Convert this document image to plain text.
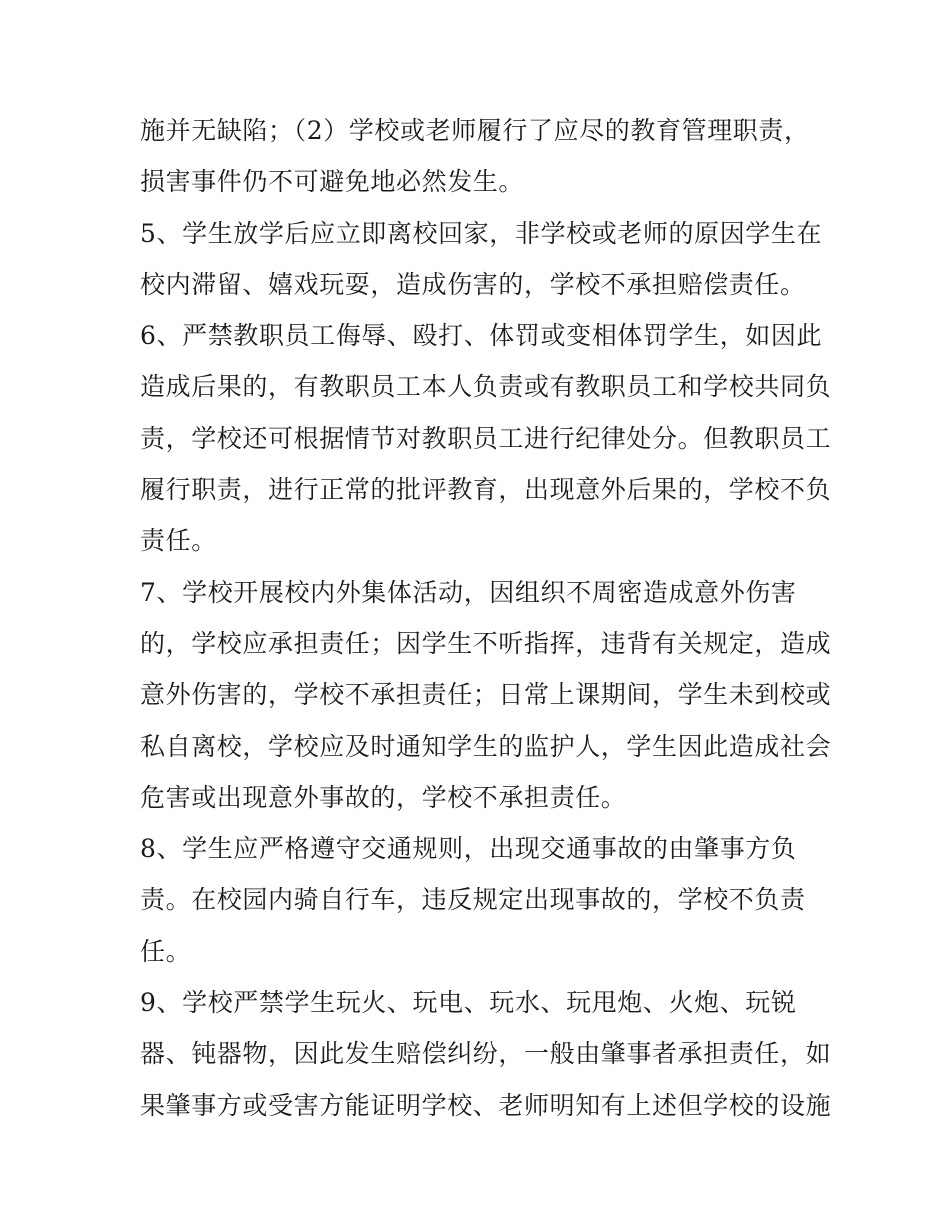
施并无缺陷；（2）学校或老师履行了应尽的教育管理职责，
损害事件仍不可避免地必然发生。
5、学生放学后应立即离校回家，非学校或老师的原因学生在
校内滞留、嬉戏玩耍，造成伤害的，学校不承担赔偿责任。
6、严禁教职员工侮辱、殴打、体罚或变相体罚学生，如因此
造成后果的，有教职员工本人负责或有教职员工和学校共同负
责，学校还可根据情节对教职员工进行纪律处分。但教职员工
履行职责，进行正常的批评教育，出现意外后果的，学校不负
责任。
7、学校开展校内外集体活动，因组织不周密造成意外伤害
的，学校应承担责任；因学生不听指挥，违背有关规定，造成
意外伤害的，学校不承担责任；日常上课期间，学生未到校或
私自离校，学校应及时通知学生的监护人，学生因此造成社会
危害或出现意外事故的，学校不承担责任。
8、学生应严格遵守交通规则，出现交通事故的由肇事方负
责。在校园内骑自行车，违反规定出现事故的，学校不负责
任。
9、学校严禁学生玩火、玩电、玩水、玩甩炮、火炮、玩锐
器、钝器物，因此发生赔偿纠纷，一般由肇事者承担责任，如
果肇事方或受害方能证明学校、老师明知有上述但学校的设施
